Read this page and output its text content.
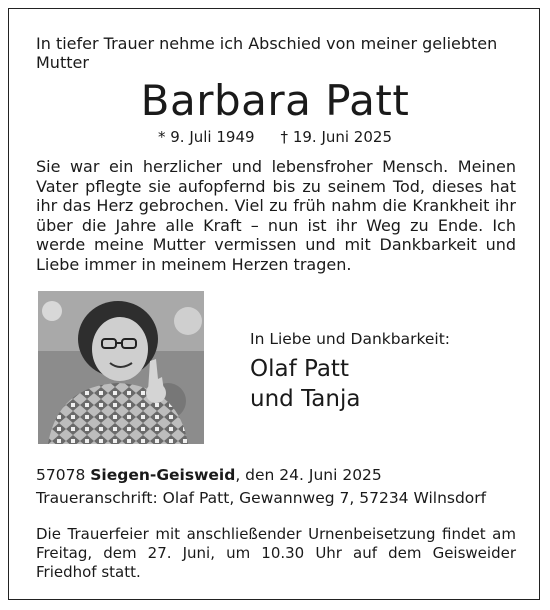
In tiefer Trauer nehme ich Abschied von meiner geliebten Mutter
Barbara Patt
* 9. Juli 1949 † 19. Juni 2025
Sie war ein herzlicher und lebensfroher Mensch. Meinen Vater pflegte sie aufopfernd bis zu seinem Tod, dieses hat ihr das Herz gebrochen. Viel zu früh nahm die Krankheit ihr über die Jahre alle Kraft – nun ist ihr Weg zu Ende. Ich werde meine Mutter vermissen und mit Dankbarkeit und Liebe immer in meinem Herzen tragen.
In Liebe und Dankbarkeit:
Olaf Patt
und Tanja
57078 Siegen-Geisweid, den 24. Juni 2025
Traueranschrift: Olaf Patt, Gewannweg 7, 57234 Wilnsdorf
Die Trauerfeier mit anschließender Urnenbeisetzung findet am Freitag, dem 27. Juni, um 10.30 Uhr auf dem Geisweider Friedhof statt.
